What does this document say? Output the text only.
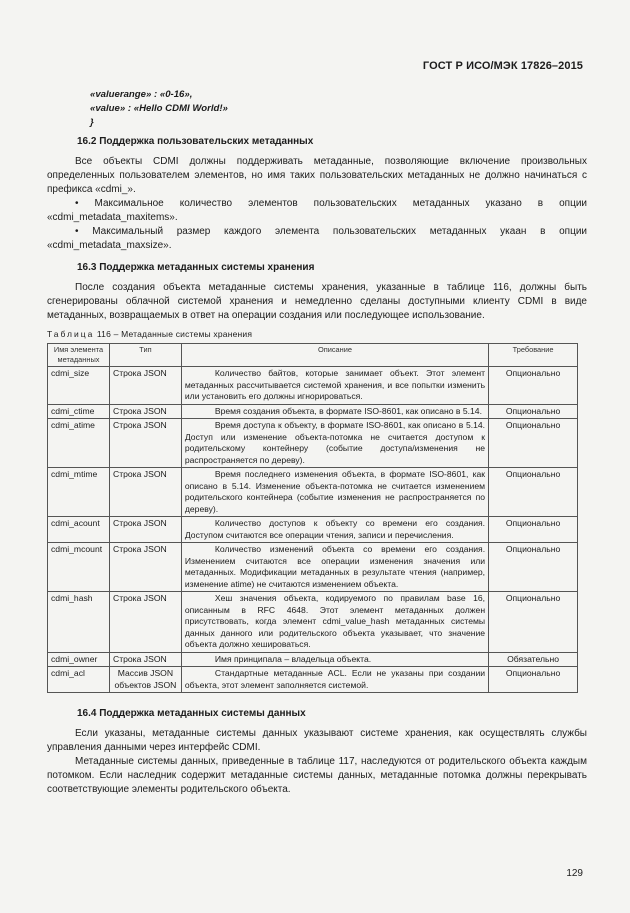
ГОСТ Р ИСО/МЭК 17826–2015
«valuerange» : «0-16»,
«value» : «Hello CDMI World!»
}
16.2 Поддержка пользовательских метаданных

Все объекты CDMI должны поддерживать метаданные, позволяющие включение произвольных определенных пользователем элементов, но имя таких пользовательских метаданных не должно начинаться с префикса «cdmi_».

• Максимальное количество элементов пользовательских метаданных указано в опции «cdmi_metadata_maxitems».

• Максимальный размер каждого элемента пользовательских метаданных укаан в опции «cdmi_metadata_maxsize».

16.3 Поддержка метаданных системы хранения

После создания объекта метаданные системы хранения, указанные в таблице 116, должны быть сгенерированы облачной системой хранения и немедленно сделаны доступными клиенту CDMI в виде метаданных, возвращаемых в ответ на операции создания или последующее использование.

Таблица 116 – Метаданные системы хранения
Имя элемента метаданных	Тип	Описание	Требование
cdmi_size	Строка JSON	Количество байтов, которые занимает объект. Этот элемент метаданных рассчитывается системой хранения, и все попытки изменить или установить его должны игнорироваться.	Опционально
cdmi_ctime	Строка JSON	Время создания объекта, в формате ISO-8601, как описано в 5.14.	Опционально
cdmi_atime	Строка JSON	Время доступа к объекту, в формате ISO-8601, как описано в 5.14. Доступ или изменение объекта-потомка не считается доступом к родительскому контейнеру (событие доступа/изменения не распространяется по дереву).	Опционально
cdmi_mtime	Строка JSON	Время последнего изменения объекта, в формате ISO-8601, как описано в 5.14. Изменение объекта-потомка не считается изменением родительского контейнера (событие изменения не распространяется по дереву).	Опционально
cdmi_acount	Строка JSON	Количество доступов к объекту со времени его создания. Доступом считаются все операции чтения, записи и перечисления.	Опционально
cdmi_mcount	Строка JSON	Количество изменений объекта со времени его создания. Изменением считаются все операции изменения значения или метаданных. Модификации метаданных в результате чтения (например, изменение atime) не считаются изменением объекта.	Опционально
cdmi_hash	Строка JSON	Хеш значения объекта, кодируемого по правилам base 16, описанным в RFC 4648. Этот элемент метаданных должен присутствовать, когда элемент cdmi_value_hash метаданных системы данных данного или родительского объекта указывает, что значение объекта должно хешироваться.	Опционально
cdmi_owner	Строка JSON	Имя принципала – владельца объекта.	Обязательно
cdmi_acl	Массив JSON объектов JSON	Стандартные метаданные ACL. Если не указаны при создании объекта, этот элемент заполняется системой.	Опционально
16.4 Поддержка метаданных системы данных

Если указаны, метаданные системы данных указывают системе хранения, как осуществлять службы управления данными через интерфейс CDMI.

Метаданные системы данных, приведенные в таблице 117, наследуются от родительского объекта каждым потомком. Если наследник содержит метаданные системы данных, метаданные потомка должны перекрывать соответствующие элементы родительского объекта.

129
